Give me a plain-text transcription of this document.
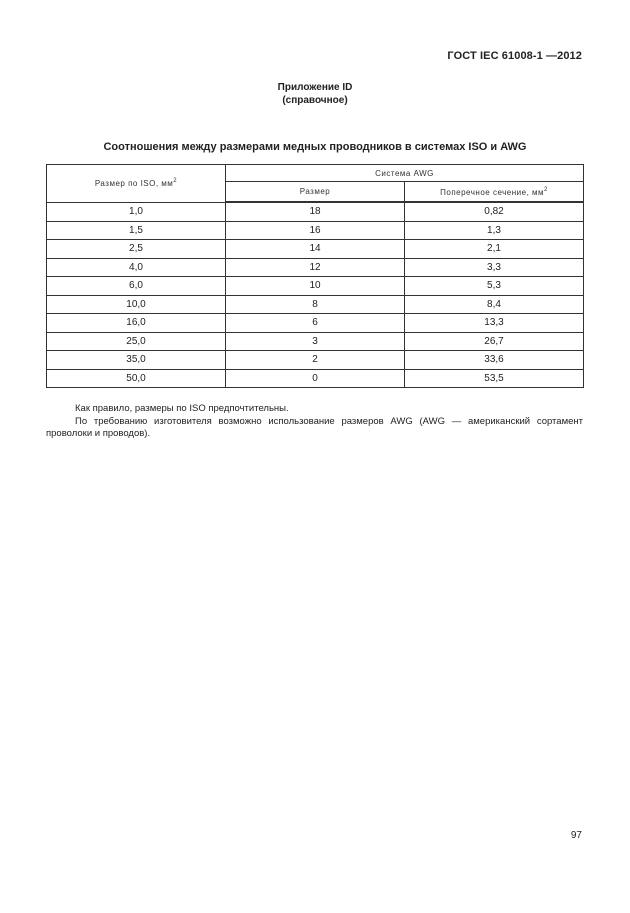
ГОСТ IEC 61008-1 —2012
Приложение ID
(справочное)
Соотношения между размерами медных проводников в системах ISO и AWG
Размер по ISO, $мм^2$	Система AWG	
	Размер	Поперечное сечение, $мм^2$
1,0	18	0,82
1,5	16	1,3
2,5	14	2,1
4,0	12	3,3
6,0	10	5,3
10,0	8	8,4
16,0	6	13,3
25,0	3	26,7
35,0	2	33,6
50,0	0	53,5

Как правило, размеры по ISO предпочтительны.

По требованию изготовителя возможно использование размеров AWG (AWG — американский сортамент проволоки и проводов).

97
